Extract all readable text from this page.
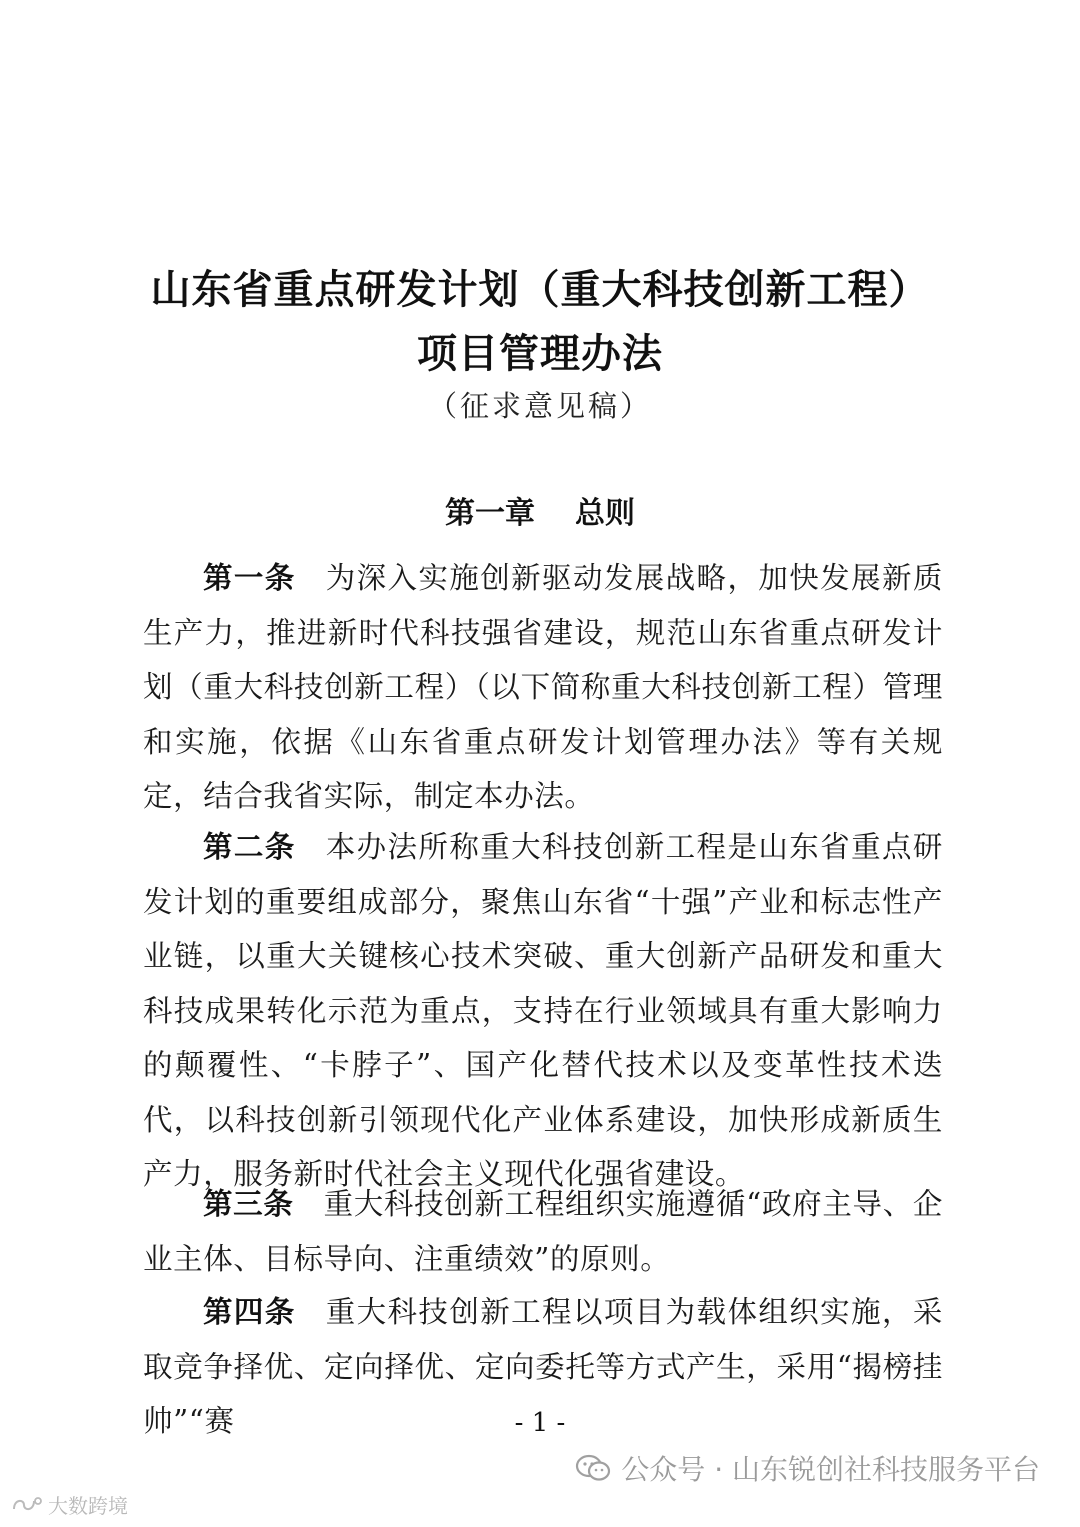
山东省重点研发计划（重大科技创新工程）
项目管理办法
（征求意见稿）
第一章 总则

第一条 为深入实施创新驱动发展战略，加快发展新质生产力，推进新时代科技强省建设，规范山东省重点研发计划（重大科技创新工程）（以下简称重大科技创新工程）管理和实施，依据《山东省重点研发计划管理办法》等有关规定，结合我省实际，制定本办法。

第二条 本办法所称重大科技创新工程是山东省重点研发计划的重要组成部分，聚焦山东省“十强”产业和标志性产业链，以重大关键核心技术突破、重大创新产品研发和重大科技成果转化示范为重点，支持在行业领域具有重大影响力的颠覆性、“卡脖子”、国产化替代技术以及变革性技术迭代，以科技创新引领现代化产业体系建设，加快形成新质生产力，服务新时代社会主义现代化强省建设。

第三条 重大科技创新工程组织实施遵循“政府主导、企业主体、目标导向、注重绩效”的原则。

第四条 重大科技创新工程以项目为载体组织实施，采取竞争择优、定向择优、定向委托等方式产生，采用“揭榜挂帅”“赛	- 1 -
公众号 · 山东锐创社科技服务平台
大数跨境
